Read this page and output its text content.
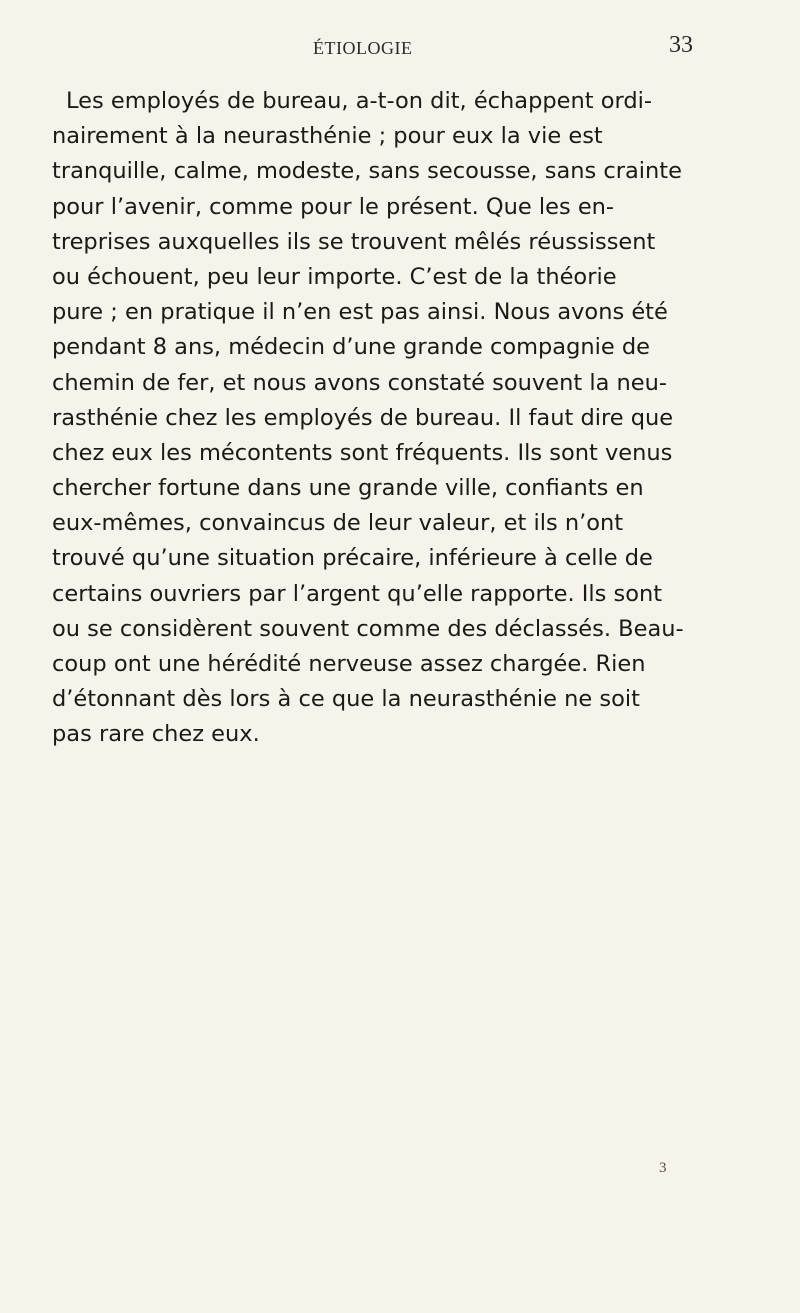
ÉTIOLOGIE	33
Les employés de bureau, a-t-on dit, échappent ordi-
nairement à la neurasthénie ; pour eux la vie est
tranquille, calme, modeste, sans secousse, sans crainte
pour l’avenir, comme pour le présent. Que les en-
treprises auxquelles ils se trouvent mêlés réussissent
ou échouent, peu leur importe. C’est de la théorie
pure ; en pratique il n’en est pas ainsi. Nous avons été
pendant 8 ans, médecin d’une grande compagnie de
chemin de fer, et nous avons constaté souvent la neu-
rasthénie chez les employés de bureau. Il faut dire que
chez eux les mécontents sont fréquents. Ils sont venus
chercher fortune dans une grande ville, confiants en
eux-mêmes, convaincus de leur valeur, et ils n’ont
trouvé qu’une situation précaire, inférieure à celle de
certains ouvriers par l’argent qu’elle rapporte. Ils sont
ou se considèrent souvent comme des déclassés. Beau-
coup ont une hérédité nerveuse assez chargée. Rien
d’étonnant dès lors à ce que la neurasthénie ne soit
pas rare chez eux.
3
